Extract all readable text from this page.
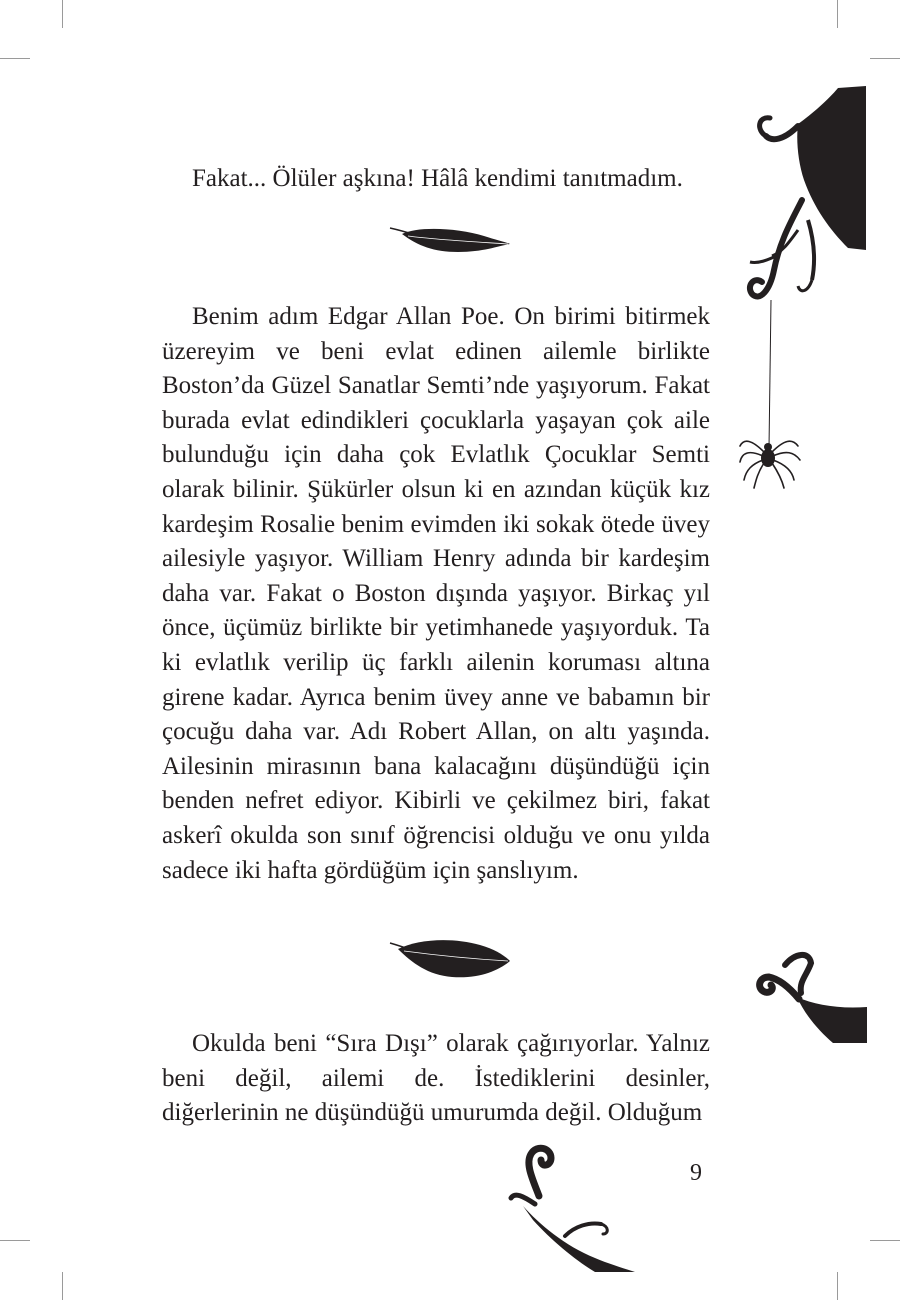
Fakat... Ölüler aşkına! Hâlâ kendimi tanıtmadım.

Benim adım Edgar Allan Poe. On birimi bitirmek üzereyim ve beni evlat edinen ailemle birlikte Boston’da Güzel Sanatlar Semti’nde yaşıyorum. Fakat burada evlat edindikleri çocuklarla yaşayan çok aile bulunduğu için daha çok Evlatlık Çocuklar Semti olarak bilinir. Şükürler olsun ki en azından küçük kız kardeşim Rosalie benim evimden iki sokak ötede üvey ailesiyle yaşıyor. William Henry adında bir kardeşim daha var. Fakat o Boston dışında yaşıyor. Birkaç yıl önce, üçümüz birlikte bir yetimhanede yaşıyorduk. Ta ki evlatlık verilip üç farklı ailenin koruması altına girene kadar. Ayrıca benim üvey anne ve babamın bir çocuğu daha var. Adı Robert Allan, on altı yaşında. Ailesinin mirasının bana kalacağını düşündüğü için benden nefret ediyor. Kibirli ve çekilmez biri, fakat askerî okulda son sınıf öğrencisi olduğu ve onu yılda sadece iki hafta gördüğüm için şanslıyım.

Okulda beni “Sıra Dışı” olarak çağırıyorlar. Yalnız beni değil, ailemi de. İstediklerini desinler, diğerlerinin ne düşündüğü umurumda değil. Olduğum

9
